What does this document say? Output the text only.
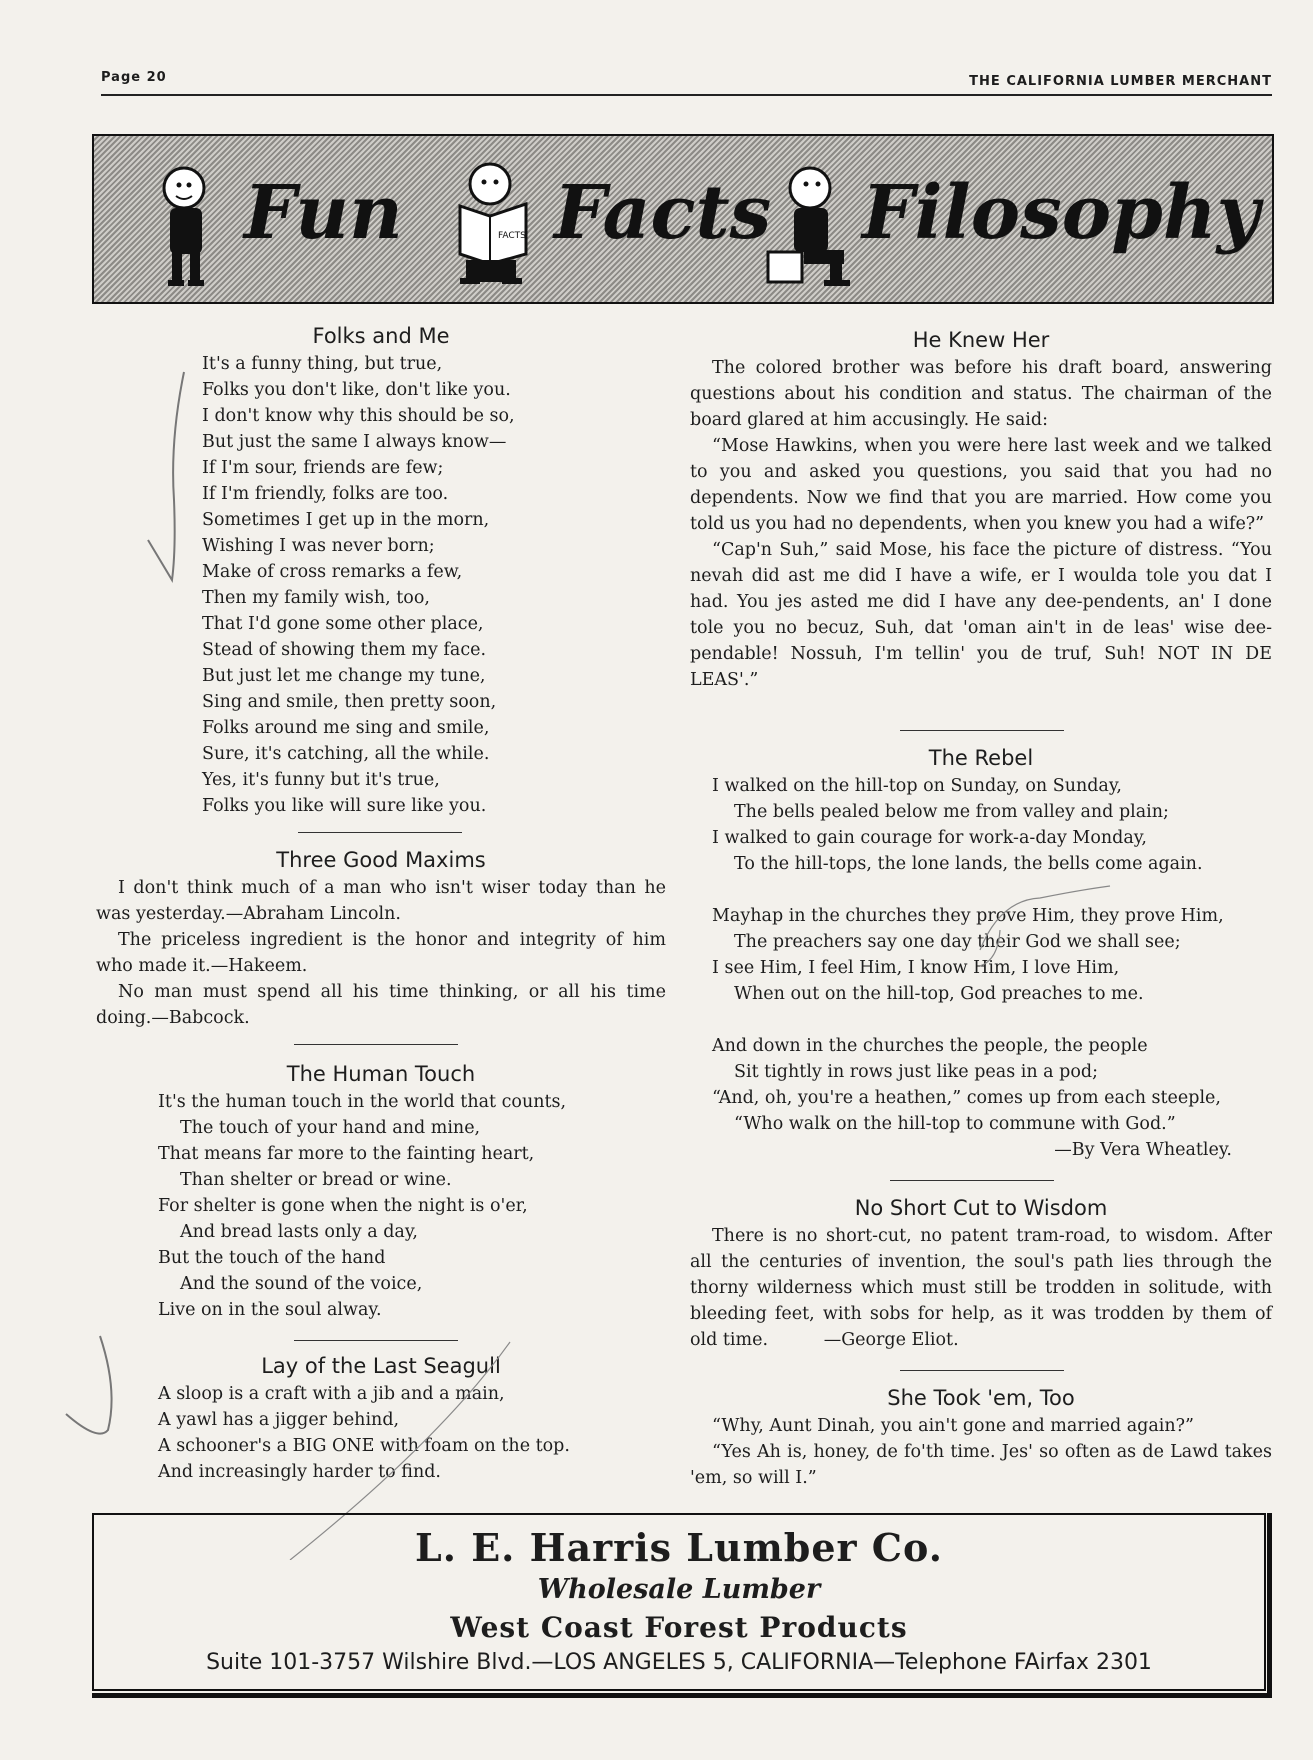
Page 20	THE CALIFORNIA LUMBER MERCHANT
FACTS
Fun Facts Filosophy
Folks and Me

It's a funny thing, but true,

Folks you don't like, don't like you.

I don't know why this should be so,

But just the same I always know—

If I'm sour, friends are few;

If I'm friendly, folks are too.

Sometimes I get up in the morn,

Wishing I was never born;

Make of cross remarks a few,

Then my family wish, too,

That I'd gone some other place,

Stead of showing them my face.

But just let me change my tune,

Sing and smile, then pretty soon,

Folks around me sing and smile,

Sure, it's catching, all the while.

Yes, it's funny but it's true,

Folks you like will sure like you.

Three Good Maxims

I don't think much of a man who isn't wiser today than he was yesterday.—Abraham Lincoln.

The priceless ingredient is the honor and integrity of him who made it.—Hakeem.

No man must spend all his time thinking, or all his time doing.—Babcock.

The Human Touch

It's the human touch in the world that counts,

The touch of your hand and mine,

That means far more to the fainting heart,

Than shelter or bread or wine.

For shelter is gone when the night is o'er,

And bread lasts only a day,

But the touch of the hand

And the sound of the voice,

Live on in the soul alway.

Lay of the Last Seagull

A sloop is a craft with a jib and a main,

A yawl has a jigger behind,

A schooner's a BIG ONE with foam on the top.

And increasingly harder to find.

He Knew Her

The colored brother was before his draft board, answering questions about his condition and status. The chairman of the board glared at him accusingly. He said:

“Mose Hawkins, when you were here last week and we talked to you and asked you questions, you said that you had no dependents. Now we find that you are married. How come you told us you had no dependents, when you knew you had a wife?”

“Cap'n Suh,” said Mose, his face the picture of distress. “You nevah did ast me did I have a wife, er I woulda tole you dat I had. You jes asted me did I have any dee-pendents, an' I done tole you no becuz, Suh, dat 'oman ain't in de leas' wise dee-pendable! Nossuh, I'm tellin' you de truf, Suh! NOT IN DE LEAS'.”

The Rebel

I walked on the hill-top on Sunday, on Sunday,

The bells pealed below me from valley and plain;

I walked to gain courage for work-a-day Monday,

To the hill-tops, the lone lands, the bells come again.

Mayhap in the churches they prove Him, they prove Him,

The preachers say one day their God we shall see;

I see Him, I feel Him, I know Him, I love Him,

When out on the hill-top, God preaches to me.

And down in the churches the people, the people

Sit tightly in rows just like peas in a pod;

“And, oh, you're a heathen,” comes up from each steeple,

“Who walk on the hill-top to commune with God.”

—By Vera Wheatley.

No Short Cut to Wisdom

There is no short-cut, no patent tram-road, to wisdom. After all the centuries of invention, the soul's path lies through the thorny wilderness which must still be trodden in solitude, with bleeding feet, with sobs for help, as it was trodden by them of old time.	—George Eliot.

She Took 'em, Too

“Why, Aunt Dinah, you ain't gone and married again?”

“Yes Ah is, honey, de fo'th time. Jes' so often as de Lawd takes 'em, so will I.”

L. E. Harris Lumber Co.
Wholesale Lumber
West Coast Forest Products
Suite 101-3757 Wilshire Blvd.—LOS ANGELES 5, CALIFORNIA—Telephone FAirfax 2301
